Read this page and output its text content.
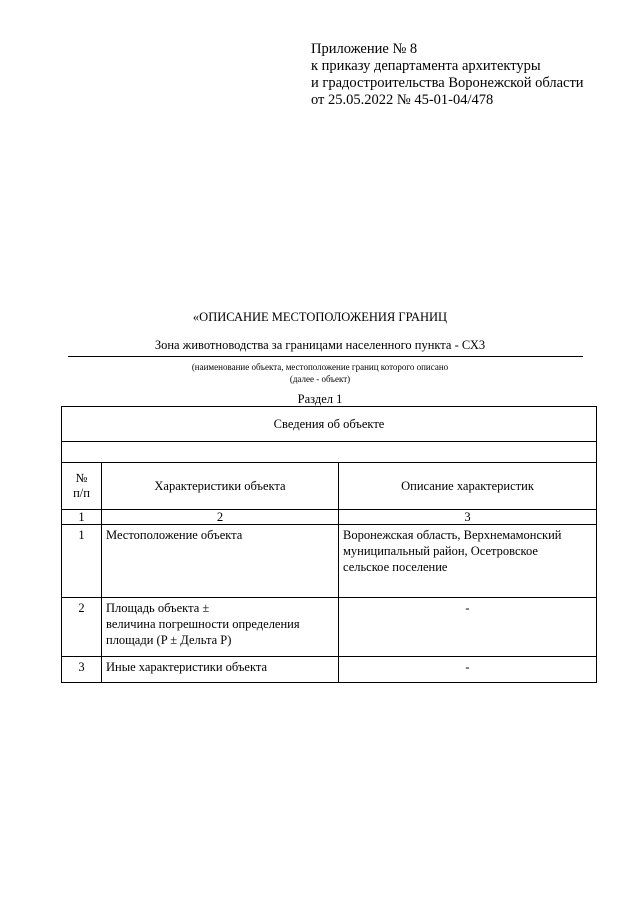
Приложение № 8
к приказу департамента архитектуры
и градостроительства Воронежской области
от 25.05.2022 № 45-01-04/478
«ОПИСАНИЕ МЕСТОПОЛОЖЕНИЯ ГРАНИЦ
Зона животноводства за границами населенного пункта - СХ3
(наименование объекта, местоположение границ которого описано
(далее - объект)
Раздел 1
Сведения об объекте		

№
п/п	Характеристики объекта	Описание характеристик
1	2	3
1	Местоположение объекта	Воронежская область, Верхнемамонский
муниципальный район, Осетровское
сельское поселение

2	Площадь объекта ±
величина погрешности определения
площади (P ± Дельта P)	-

3	Иные характеристики объекта	-
